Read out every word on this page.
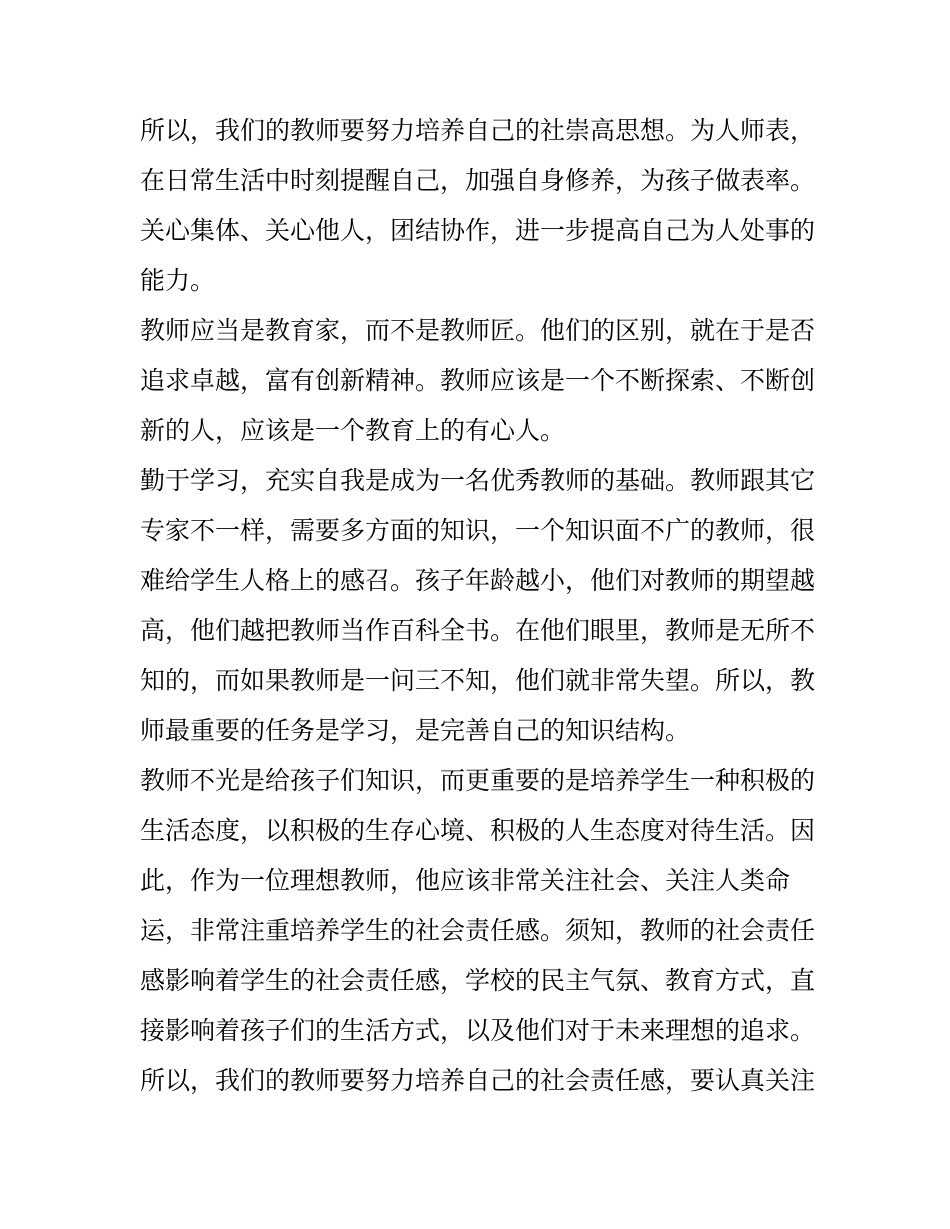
所以，我们的教师要努力培养自己的社崇高思想。为人师表，
在日常生活中时刻提醒自己，加强自身修养，为孩子做表率。
关心集体、关心他人，团结协作，进一步提高自己为人处事的
能力。
教师应当是教育家，而不是教师匠。他们的区别，就在于是否
追求卓越，富有创新精神。教师应该是一个不断探索、不断创
新的人，应该是一个教育上的有心人。
勤于学习，充实自我是成为一名优秀教师的基础。教师跟其它
专家不一样，需要多方面的知识，一个知识面不广的教师，很
难给学生人格上的感召。孩子年龄越小，他们对教师的期望越
高，他们越把教师当作百科全书。在他们眼里，教师是无所不
知的，而如果教师是一问三不知，他们就非常失望。所以，教
师最重要的任务是学习，是完善自己的知识结构。
教师不光是给孩子们知识，而更重要的是培养学生一种积极的
生活态度，以积极的生存心境、积极的人生态度对待生活。因
此，作为一位理想教师，他应该非常关注社会、关注人类命
运，非常注重培养学生的社会责任感。须知，教师的社会责任
感影响着学生的社会责任感，学校的民主气氛、教育方式，直
接影响着孩子们的生活方式，以及他们对于未来理想的追求。
所以，我们的教师要努力培养自己的社会责任感，要认真关注
